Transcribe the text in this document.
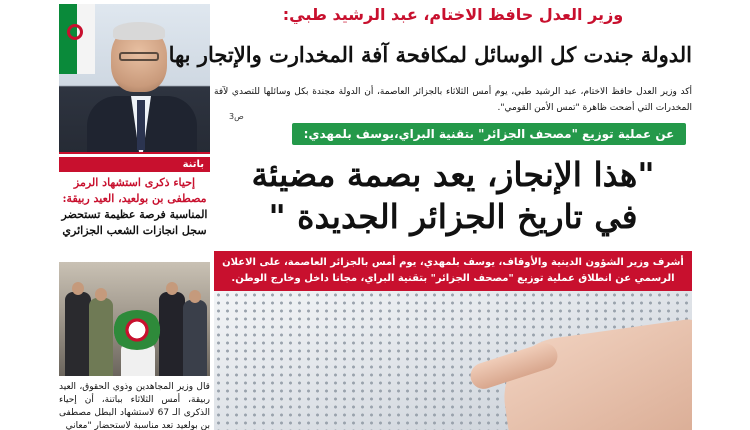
باتنة
إحياء ذكرى استشهاد الرمز مصطفى بن بولعيد، العيد ربيقة:
المناسبة فرصة عظيمة تستحضر سجل انجازات الشعب الجزائري
قال وزير المجاهدين وذوي الحقوق، العيد ربيقة، أمس الثلاثاء بباتنة، أن إحياء الذكرى الـ 67 لاستشهاد البطل مصطفى بن بولعيد تعد مناسبة لاستحضار "معاني
وزير العدل حافظ الاختام، عبد الرشيد طبي:
الدولة جندت كل الوسائل لمكافحة آفة المخدارت والإتجار بها
أكد وزير العدل حافظ الاختام، عبد الرشيد طبي، يوم أمس الثلاثاء بالجزائر العاصمة، أن الدولة مجندة بكل وسائلها للتصدي لآفة المخدرات التي أضحت ظاهرة "تمس الأمن القومي".
ص3
عن عملية توزيع "مصحف الجزائر" بتقنية البراي،يوسف بلمهدي:
"هذا الإنجاز، يعد بصمة مضيئة
في تاريخ الجزائر الجديدة "
أشرف وزير الشؤون الدينية والأوقاف، يوسف بلمهدي، يوم أمس بالجزائر العاصمة، على الاعلان الرسمي عن انطلاق عملية توزيع "مصحف الجزائر" بتقنية البراي، مجانا داخل وخارج الوطن.
